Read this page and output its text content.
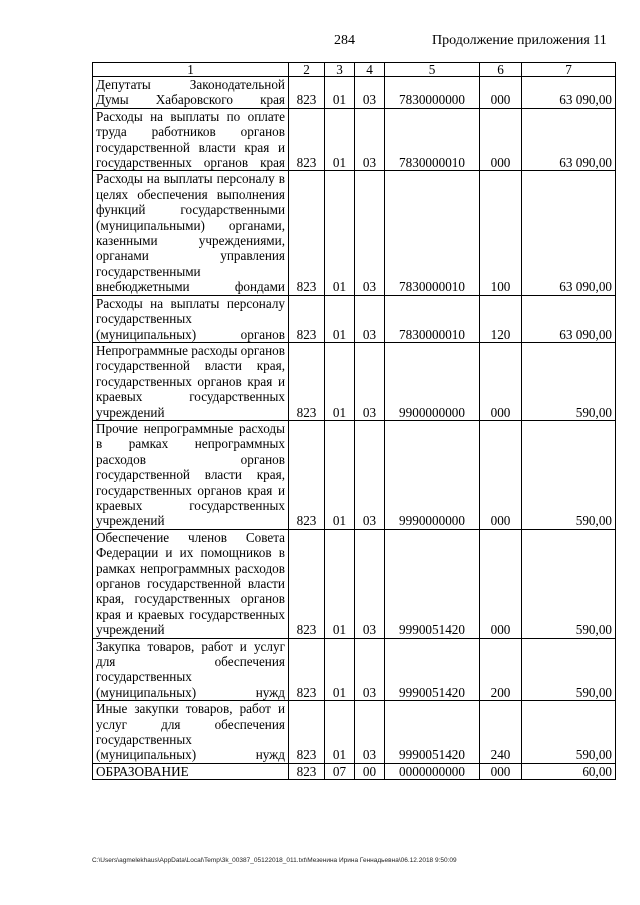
284	Продолжение приложения 11
1	2	3	4	5	6	7
Депутаты Законодательной Думы Хабаровского края	823	01	03	7830000000	000	63 090,00
Расходы на выплаты по оплате труда работников органов государственной власти края и государственных органов края	823	01	03	7830000010	000	63 090,00
Расходы на выплаты персоналу в целях обеспечения выполнения функций государственными (муниципальными) органами, казенными учреждениями, органами управления государственными внебюджетными фондами	823	01	03	7830000010	100	63 090,00
Расходы на выплаты персоналу государственных (муниципальных) органов	823	01	03	7830000010	120	63 090,00
Непрограммные расходы органов государственной власти края, государственных органов края и краевых государственных учреждений	823	01	03	9900000000	000	590,00
Прочие непрограммные расходы в рамках непрограммных расходов органов государственной власти края, государственных органов края и краевых государственных учреждений	823	01	03	9990000000	000	590,00
Обеспечение членов Совета Федерации и их помощников в рамках непрограммных расходов органов государственной власти края, государственных органов края и краевых государственных учреждений	823	01	03	9990051420	000	590,00
Закупка товаров, работ и услуг для обеспечения государственных (муниципальных) нужд	823	01	03	9990051420	200	590,00
Иные закупки товаров, работ и услуг для обеспечения государственных (муниципальных) нужд	823	01	03	9990051420	240	590,00
ОБРАЗОВАНИЕ	823	07	00	0000000000	000	60,00
C:\Users\agmelekhaus\AppData\Local\Temp\3k_00387_05122018_011.txt\Мезенина Ирина Геннадьевна\06.12.2018 9:50:09
